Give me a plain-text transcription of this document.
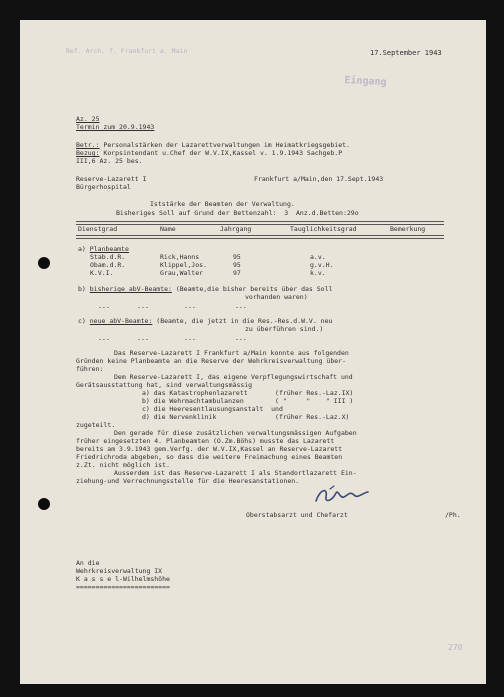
Ref. Arch. f. Frankfurt a. Main	17.September 1943
Eingang
Az. 25
Termin zum 20.9.1943
Betr.: Personalstärken der Lazarettverwaltungen im Heimatkriegsgebiet.
Bezug: Korpsintendant u.Chef der W.V.IX,Kassel v. 1.9.1943 Sachgeb.P
III,6 Az. 25 bes.
Reserve-Lazarett I
Bürgerhospital
Frankfurt a/Main,den 17.Sept.1943
Iststärke der Beamten der Verwaltung.
Bisheriges Soll auf Grund der Bettenzahl:  3  Anz.d.Betten:29o
Dienstgrad	Name	Jahrgang	Tauglichkeitsgrad	Bemerkung
a) Planbeamte
Stab.d.R.	Rick,Hanns	95	a.v.
Obam.d.R.	Klippel,Jos.	95	g.v.H.
K.V.I.	Grau,Walter	97	k.v.
b) bisherige abV-Beamte: (Beamte,die bisher bereits über das Soll
vorhanden waren)
---       ---         ---          ---
c) neue abV-Beamte: (Beamte, die jetzt in die Res.-Res.d.W.V. neu
zu überführen sind.)
---       ---         ---          ---
Das Reserve-Lazarett I Frankfurt a/Main konnte aus folgenden
Gründen keine Planbeamte an die Reserve der Wehrkreisverwaltung über-
führen:
Dem Reserve-Lazarett I, das eigene Verpflegungswirtschaft und
Gerätsausstattung hat, sind verwaltungsmässig
a) das Katastrophenlazarett       (früher Res.-Laz.IX)
b) die Wehrmachtambulanzen        ( "     "    " III )
c) die Heeresentlausungsanstalt  und
d) die Nervenklinik               (früher Res.-Laz.X)
zugeteilt.
Den gerade für diese zusätzlichen verwaltungsmässigen Aufgaben
früher eingesetzten 4. Planbeamten (O.Zm.Böhs) musste das Lazarett
bereits am 3.9.1943 gem.Verfg. der W.V.IX,Kassel an Reserve-Lazarett
Friedrichroda abgeben, so dass die weitere Freimachung eines Beamten
z.Zt. nicht möglich ist.
Ausserdem ist das Reserve-Lazarett I als Standortlazarett Ein-
ziehung-und Verrechnungsstelle für die Heeresanstationen.
Oberstabsarzt und Chefarzt	/Ph.
An die
Wehrkreisverwaltung IX
K a s s e l-Wilhelmshöhe
========================
270
